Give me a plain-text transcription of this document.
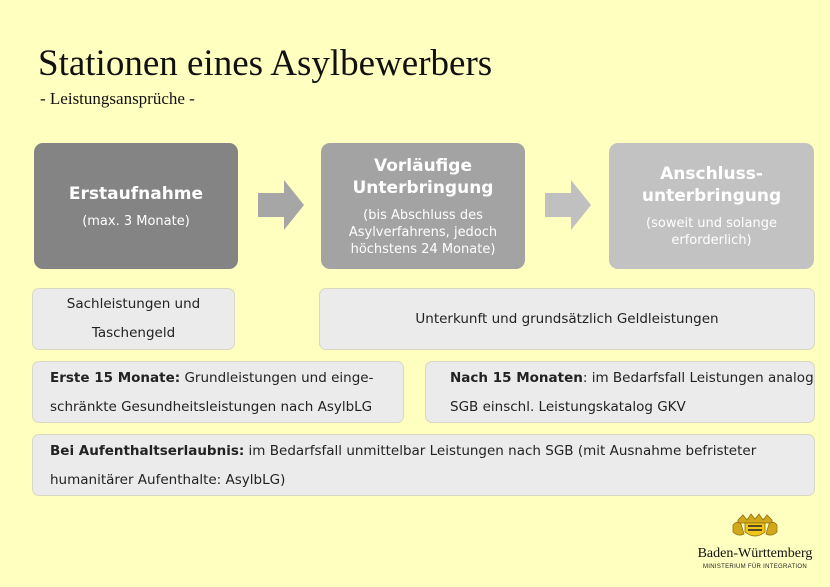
Stationen eines Asylbewerbers
- Leistungsansprüche -
Erstaufnahme
(max. 3 Monate)
Vorläufige
Unterbringung
(bis Abschluss des
Asylverfahrens, jedoch
höchstens 24 Monate)
Anschluss-
unterbringung
(soweit und solange
erforderlich)
Sachleistungen und
Taschengeld
Unterkunft und grundsätzlich Geldleistungen
Erste 15 Monate: Grundleistungen und einge-
schränkte Gesundheitsleistungen nach AsylbLG
Nach 15 Monaten: im Bedarfsfall Leistungen analog
SGB einschl. Leistungskatalog GKV
Bei Aufenthaltserlaubnis: im Bedarfsfall unmittelbar Leistungen nach SGB (mit Ausnahme befristeter
humanitärer Aufenthalte: AsylbLG)
Baden-Württemberg
MINISTERIUM FÜR INTEGRATION
